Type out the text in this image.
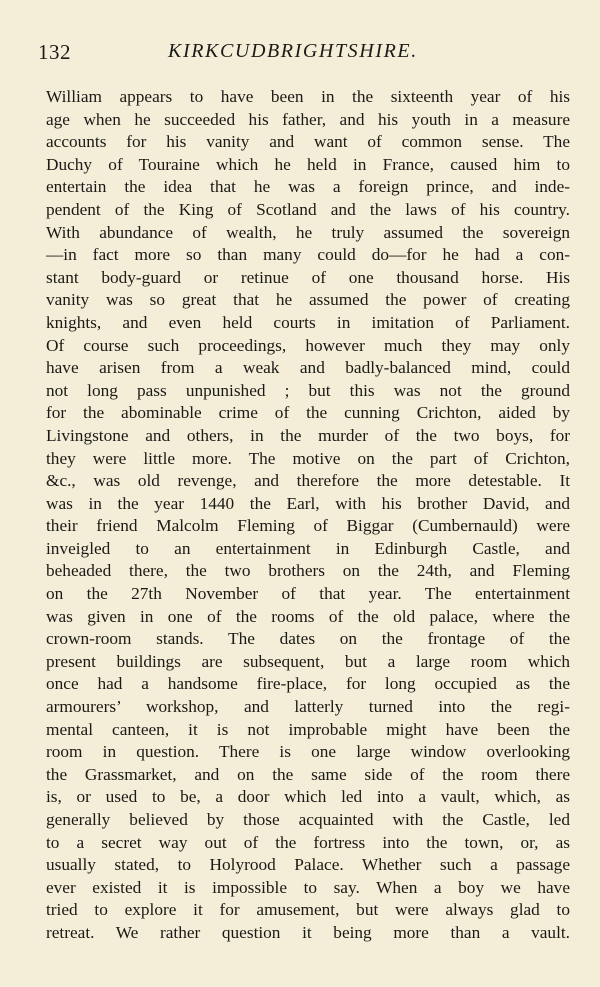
132	KIRKCUDBRIGHTSHIRE.
William appears to have been in the sixteenth year of his
age when he succeeded his father, and his youth in a measure
accounts for his vanity and want of common sense. The
Duchy of Touraine which he held in France, caused him to
entertain the idea that he was a foreign prince, and inde-
pendent of the King of Scotland and the laws of his country.
With abundance of wealth, he truly assumed the sovereign
—in fact more so than many could do—for he had a con-
stant body-guard or retinue of one thousand horse. His
vanity was so great that he assumed the power of creating
knights, and even held courts in imitation of Parliament.
Of course such proceedings, however much they may only
have arisen from a weak and badly-balanced mind, could
not long pass unpunished ; but this was not the ground
for the abominable crime of the cunning Crichton, aided by
Livingstone and others, in the murder of the two boys, for
they were little more. The motive on the part of Crichton,
&c., was old revenge, and therefore the more detestable. It
was in the year 1440 the Earl, with his brother David, and
their friend Malcolm Fleming of Biggar (Cumbernauld) were
inveigled to an entertainment in Edinburgh Castle, and
beheaded there, the two brothers on the 24th, and Fleming
on the 27th November of that year. The entertainment
was given in one of the rooms of the old palace, where the
crown-room stands. The dates on the frontage of the
present buildings are subsequent, but a large room which
once had a handsome fire-place, for long occupied as the
armourers’ workshop, and latterly turned into the regi-
mental canteen, it is not improbable might have been the
room in question. There is one large window overlooking
the Grassmarket, and on the same side of the room there
is, or used to be, a door which led into a vault, which, as
generally believed by those acquainted with the Castle, led
to a secret way out of the fortress into the town, or, as
usually stated, to Holyrood Palace. Whether such a passage
ever existed it is impossible to say. When a boy we have
tried to explore it for amusement, but were always glad to
retreat. We rather question it being more than a vault.
